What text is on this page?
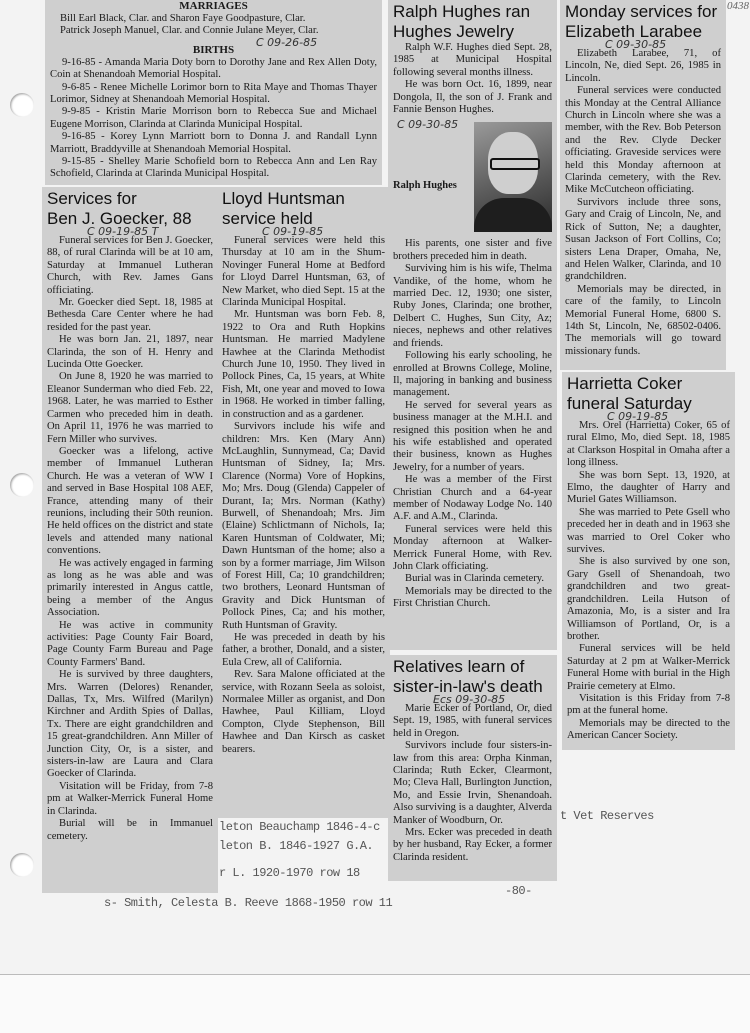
0438
leton Beauchamp 1846-4-c
leton B. 1846-1927 G.A.
r L. 1920-1970 row 18
s- Smith, Celesta B. Reeve 1868-1950 row 11
-80-
t Vet Reserves
MARRIAGES

Bill Earl Black, Clar. and Sharon Faye Goodpasture, Clar.

Patrick Joseph Manuel, Clar. and Connie Julane Meyer, Clar.

BIRTHS
C 09-26-85

9-16-85 - Amanda Maria Doty born to Dorothy Jane and Rex Allen Doty, Coin at Shenandoah Memorial Hospital.

9-6-85 - Renee Michelle Lorimor born to Rita Maye and Thomas Thayer Lorimor, Sidney at Shenandoah Memorial Hospital.

9-9-85 - Kristin Marie Morrison born to Rebecca Sue and Michael Eugene Morrison, Clarinda at Clarinda Municipal Hospital.

9-16-85 - Korey Lynn Marriott born to Donna J. and Randall Lynn Marriott, Braddyville at Shenandoah Memorial Hospital.

9-15-85 - Shelley Marie Schofield born to Rebecca Ann and Len Ray Schofield, Clarinda at Clarinda Municipal Hospital.

Services for
Ben J. Goecker, 88
C 09-19-85 T

Funeral services for Ben J. Goecker, 88, of rural Clarinda will be at 10 am, Saturday at Immanuel Lutheran Church, with Rev. James Gans officiating.

Mr. Goecker died Sept. 18, 1985 at Bethesda Care Center where he had resided for the past year.

He was born Jan. 21, 1897, near Clarinda, the son of H. Henry and Lucinda Otte Goecker.

On June 8, 1920 he was married to Eleanor Sunderman who died Feb. 22, 1968. Later, he was married to Esther Carmen who preceded him in death. On April 11, 1976 he was married to Fern Miller who survives.

Goecker was a lifelong, active member of Immanuel Lutheran Church. He was a veteran of WW I and served in Base Hospital 108 AEF, France, attending many of their reunions, including their 50th reunion. He held offices on the district and state levels and attended many national conventions.

He was actively engaged in farming as long as he was able and was primarily interested in Angus cattle, being a member of the Angus Association.

He was active in community activities: Page County Fair Board, Page County Farm Bureau and Page County Farmers' Band.

He is survived by three daughters, Mrs. Warren (Delores) Renander, Dallas, Tx, Mrs. Wilfred (Marilyn) Kirchner and Ardith Spies of Dallas, Tx. There are eight grandchildren and 15 great-grandchildren. Ann Miller of Junction City, Or, is a sister, and sisters-in-law are Laura and Clara Goecker of Clarinda.

Visitation will be Friday, from 7-8 pm at Walker-Merrick Funeral Home in Clarinda.

Burial will be in Immanuel cemetery.

Lloyd Huntsman
service held
C 09-19-85

Funeral services were held this Thursday at 10 am in the Shum-Novinger Funeral Home at Bedford for Lloyd Darrel Huntsman, 63, of New Market, who died Sept. 15 at the Clarinda Municipal Hospital.

Mr. Huntsman was born Feb. 8, 1922 to Ora and Ruth Hopkins Huntsman. He married Madylene Hawhee at the Clarinda Methodist Church June 10, 1950. They lived in Pollock Pines, Ca, 15 years, at White Fish, Mt, one year and moved to Iowa in 1968. He worked in timber falling, in construction and as a gardener.

Survivors include his wife and children: Mrs. Ken (Mary Ann) McLaughlin, Sunnymead, Ca; David Huntsman of Sidney, Ia; Mrs. Clarence (Norma) Vore of Hopkins, Mo; Mrs. Doug (Glenda) Cappeler of Durant, Ia; Mrs. Norman (Kathy) Burwell, of Shenandoah; Mrs. Jim (Elaine) Schlictmann of Nichols, Ia; Karen Huntsman of Coldwater, Mi; Dawn Huntsman of the home; also a son by a former marriage, Jim Wilson of Forest Hill, Ca; 10 grandchildren; two brothers, Leonard Huntsman of Gravity and Dick Huntsman of Pollock Pines, Ca; and his mother, Ruth Huntsman of Gravity.

He was preceded in death by his father, a brother, Donald, and a sister, Eula Crew, all of California.

Rev. Sara Malone officiated at the service, with Rozann Seela as soloist, Normalee Miller as organist, and Don Hawhee, Paul Killiam, Lloyd Compton, Clyde Stephenson, Bill Hawhee and Dan Kirsch as casket bearers.

Ralph Hughes ran
Hughes Jewelry

Ralph W.F. Hughes died Sept. 28, 1985 at Municipal Hospital following several months illness.

He was born Oct. 16, 1899, near Dongola, Il, the son of J. Frank and Fannie Benson Hughes.

C 09-30-85
Ralph Hughes

His parents, one sister and five brothers preceded him in death.

Surviving him is his wife, Thelma Vandike, of the home, whom he married Dec. 12, 1930; one sister, Ruby Jones, Clarinda; one brother, Delbert C. Hughes, Sun City, Az; nieces, nephews and other relatives and friends.

Following his early schooling, he enrolled at Browns College, Moline, Il, majoring in banking and business management.

He served for several years as business manager at the M.H.I. and resigned this position when he and his wife established and operated their business, known as Hughes Jewelry, for a number of years.

He was a member of the First Christian Church and a 64-year member of Nodaway Lodge No. 140 A.F. and A.M., Clarinda.

Funeral services were held this Monday afternoon at Walker-Merrick Funeral Home, with Rev. John Clark officiating.

Burial was in Clarinda cemetery.

Memorials may be directed to the First Christian Church.

Relatives learn of
sister-in-law's death
Ecs 09-30-85

Marie Ecker of Portland, Or, died Sept. 19, 1985, with funeral services held in Oregon.

Survivors include four sisters-in-law from this area: Orpha Kinman, Clarinda; Ruth Ecker, Clearmont, Mo; Cleva Hall, Burlington Junction, Mo, and Essie Irvin, Shenandoah. Also surviving is a daughter, Alverda Manker of Woodburn, Or.

Mrs. Ecker was preceded in death by her husband, Ray Ecker, a former Clarinda resident.

Monday services for
Elizabeth Larabee
C 09-30-85

Elizabeth Larabee, 71, of Lincoln, Ne, died Sept. 26, 1985 in Lincoln.

Funeral services were conducted this Monday at the Central Alliance Church in Lincoln where she was a member, with the Rev. Bob Peterson and the Rev. Clyde Decker officiating. Graveside services were held this Monday afternoon at Clarinda cemetery, with the Rev. Mike McCutcheon officiating.

Survivors include three sons, Gary and Craig of Lincoln, Ne, and Rick of Sutton, Ne; a daughter, Susan Jackson of Fort Collins, Co; sisters Lena Draper, Omaha, Ne, and Helen Walker, Clarinda, and 10 grandchildren.

Memorials may be directed, in care of the family, to Lincoln Memorial Funeral Home, 6800 S. 14th St, Lincoln, Ne, 68502-0406. The memorials will go toward missionary funds.

Harrietta Coker
funeral Saturday
C 09-19-85

Mrs. Orel (Harrietta) Coker, 65 of rural Elmo, Mo, died Sept. 18, 1985 at Clarkson Hospital in Omaha after a long illness.

She was born Sept. 13, 1920, at Elmo, the daughter of Harry and Muriel Gates Williamson.

She was married to Pete Gsell who preceded her in death and in 1963 she was married to Orel Coker who survives.

She is also survived by one son, Gary Gsell of Shenandoah, two grandchildren and two great-grandchildren. Leila Hutson of Amazonia, Mo, is a sister and Ira Williamson of Portland, Or, is a brother.

Funeral services will be held Saturday at 2 pm at Walker-Merrick Funeral Home with burial in the High Prairie cemetery at Elmo.

Visitation is this Friday from 7-8 pm at the funeral home.

Memorials may be directed to the American Cancer Society.
